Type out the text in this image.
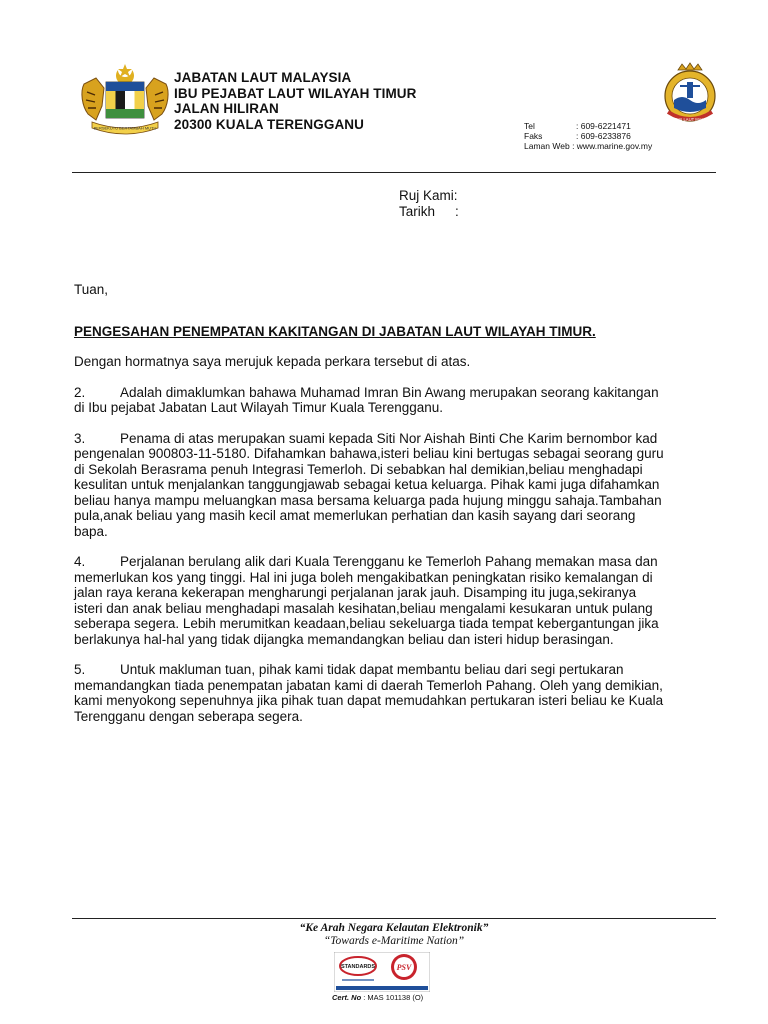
BERSEKUTU BERTAMBAH MUTU
JABATAN LAUT MALAYSIA
IBU PEJABAT LAUT WILAYAH TIMUR
JALAN HILIRAN
20300 KUALA TERENGGANU	JABATAN LAUT MALAYSIA
Tel	: 609-6221471
Faks	: 609-6233876
Laman Web : www.marine.gov.my
Ruj Kami:
Tarikh :

Tuan,

PENGESAHAN PENEMPATAN KAKITANGAN DI JABATAN LAUT WILAYAH TIMUR.

Dengan hormatnya saya merujuk kepada perkara tersebut di atas.

2.	Adalah dimaklumkan bahawa Muhamad Imran Bin Awang merupakan seorang kakitangan
di Ibu pejabat Jabatan Laut Wilayah Timur Kuala Terengganu.

3.	Penama di atas merupakan suami kepada Siti Nor Aishah Binti Che Karim bernombor kad
pengenalan 900803-11-5180. Difahamkan bahawa,isteri beliau kini bertugas sebagai seorang guru
di Sekolah Berasrama penuh Integrasi Temerloh. Di sebabkan hal demikian,beliau menghadapi
kesulitan untuk menjalankan tanggungjawab sebagai ketua keluarga. Pihak kami juga difahamkan
beliau hanya mampu meluangkan masa bersama keluarga pada hujung minggu sahaja.Tambahan
pula,anak beliau yang masih kecil amat memerlukan perhatian dan kasih sayang dari seorang
bapa.

4.	Perjalanan berulang alik dari Kuala Terengganu ke Temerloh Pahang memakan masa dan
memerlukan kos yang tinggi. Hal ini juga boleh mengakibatkan peningkatan risiko kemalangan di
jalan raya kerana kekerapan mengharungi perjalanan jarak jauh. Disamping itu juga,sekiranya
isteri dan anak beliau menghadapi masalah kesihatan,beliau mengalami kesukaran untuk pulang
seberapa segera. Lebih merumitkan keadaan,beliau sekeluarga tiada tempat kebergantungan jika
berlakunya hal-hal yang tidak dijangka memandangkan beliau dan isteri hidup berasingan.

5.	Untuk makluman tuan, pihak kami tidak dapat membantu beliau dari segi pertukaran
memandangkan tiada penempatan jabatan kami di daerah Temerloh Pahang. Oleh yang demikian,
kami menyokong sepenuhnya jika pihak tuan dapat memudahkan pertukaran isteri beliau ke Kuala
Terengganu dengan seberapa segera.

“Ke Arah Negara Kelautan Elektronik”
“Towards e-Maritime Nation”
STANDARDS	PSV
Cert. No : MAS 101138 (O)
